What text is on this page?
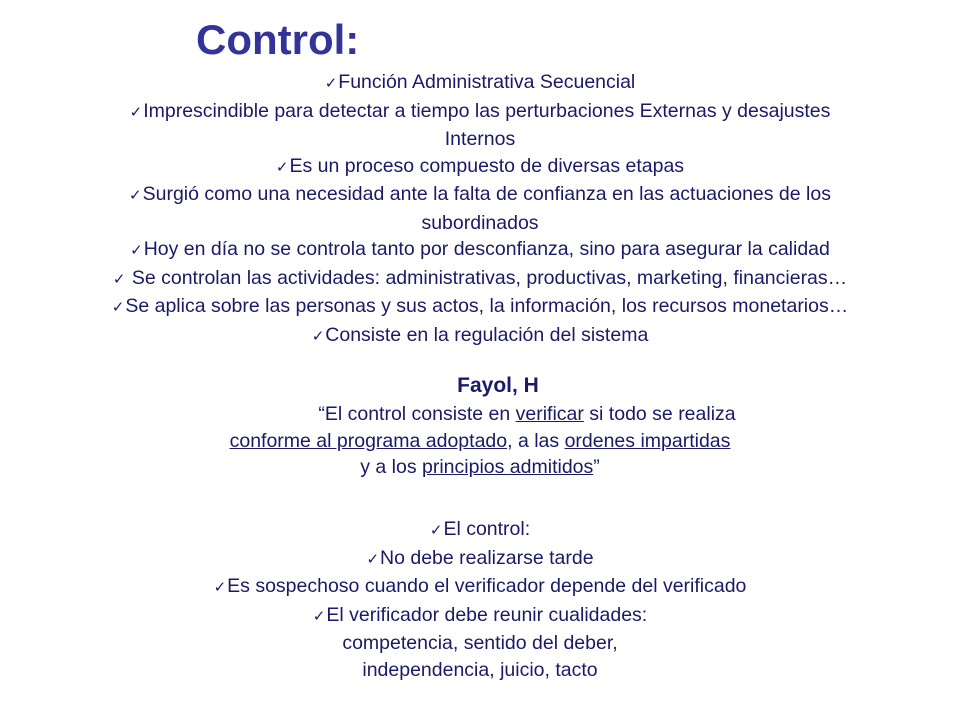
Control:
✓Función Administrativa Secuencial
✓Imprescindible para detectar a tiempo las perturbaciones Externas y desajustes
Internos
✓Es un proceso compuesto de diversas etapas
✓Surgió como una necesidad ante la falta de confianza en las actuaciones de los
subordinados
✓Hoy en día no se controla tanto por desconfianza, sino para asegurar la calidad
✓ Se controlan las actividades: administrativas, productivas, marketing, financieras…
✓Se aplica sobre las personas y sus actos, la información, los recursos monetarios…
✓Consiste en la regulación del sistema
Fayol, H
“El control consiste en verificar si todo se realiza
conforme al programa adoptado, a las ordenes impartidas
y a los principios admitidos”
✓El control:
✓No debe realizarse tarde
✓Es sospechoso cuando el verificador depende del verificado
✓El verificador debe reunir cualidades:
competencia, sentido del deber,
independencia, juicio, tacto
